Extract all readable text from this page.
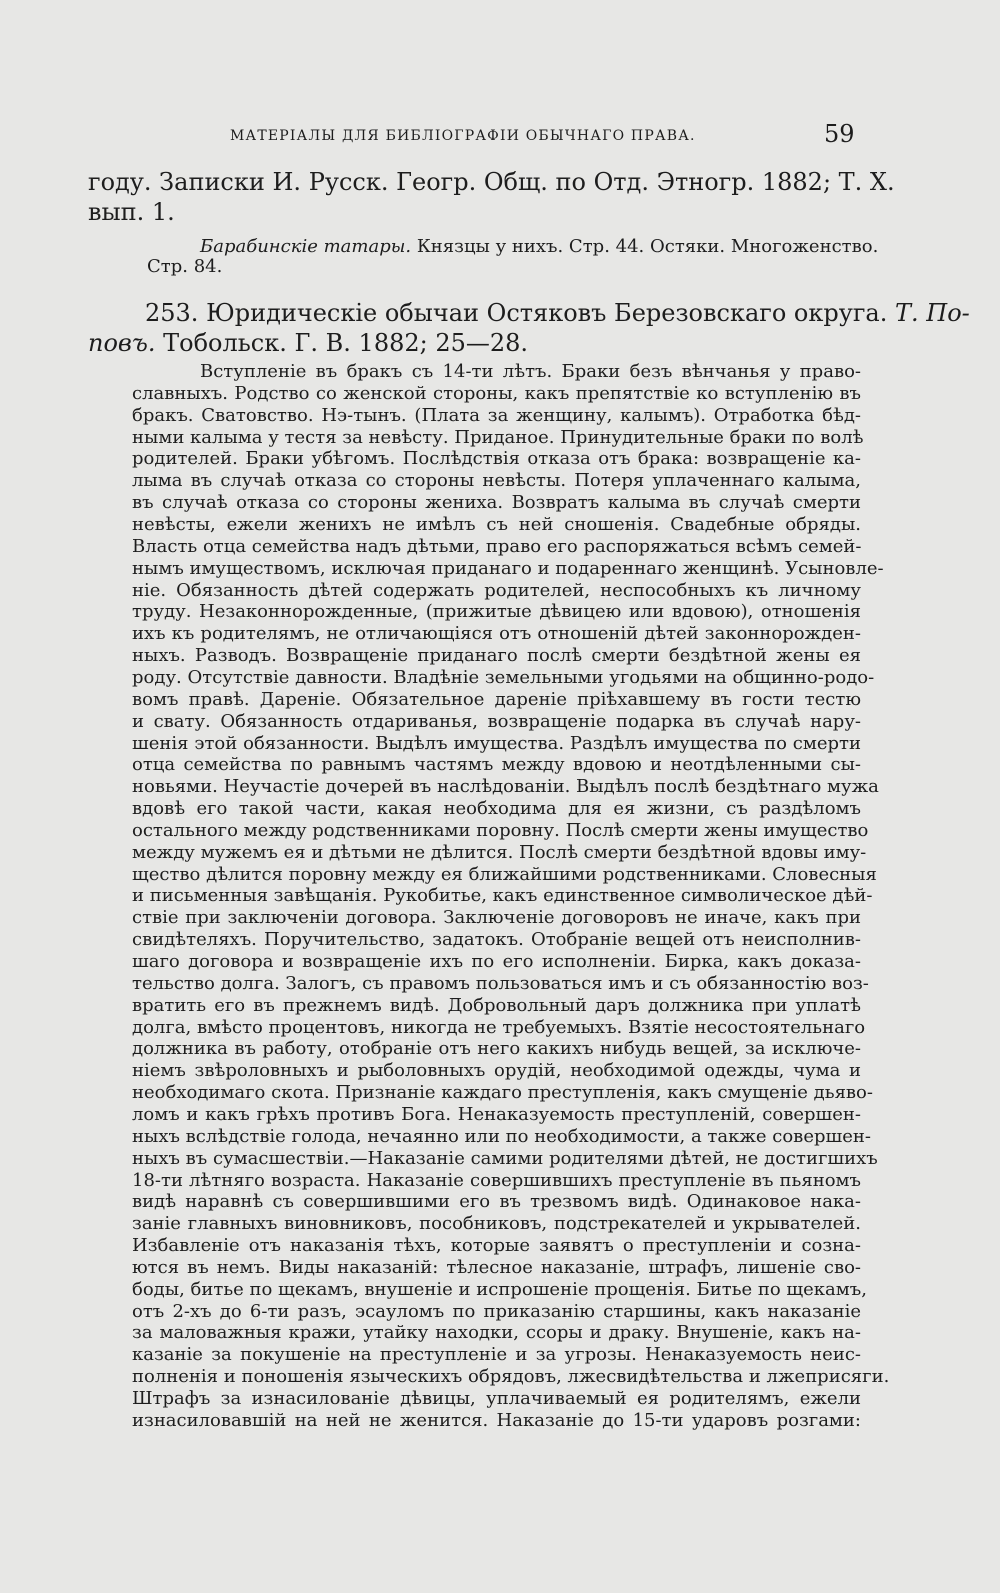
МАТЕРІАЛЫ ДЛЯ БИБЛІОГРАФІИ ОБЫЧНАГО ПРАВА.	59
году. Записки И. Русск. Геогр. Общ. по Отд. Этногр. 1882; Т. X.
вып. 1.
Барабинскіе татары. Князцы у нихъ. Стр. 44. Остяки. Многоженство.
Стр. 84.
253. Юридическіе обычаи Остяковъ Березовскаго округа. Т. По-
повъ. Тобольск. Г. В. 1882; 25—28.
Вступленіе въ бракъ съ 14-ти лѣтъ. Браки безъ вѣнчанья у право-
славныхъ. Родство со женской стороны, какъ препятствіе ко вступленію въ
бракъ. Сватовство. Нэ-тынъ. (Плата за женщину, калымъ). Отработка бѣд-
ными калыма у тестя за невѣсту. Приданое. Принудительные браки по волѣ
родителей. Браки убѣгомъ. Послѣдствія отказа отъ брака: возвращеніе ка-
лыма въ случаѣ отказа со стороны невѣсты. Потеря уплаченнаго калыма,
въ случаѣ отказа со стороны жениха. Возвратъ калыма въ случаѣ смерти
невѣсты, ежели женихъ не имѣлъ съ ней сношенія. Свадебные обряды.
Власть отца семейства надъ дѣтьми, право его распоряжаться всѣмъ семей-
нымъ имуществомъ, исключая приданаго и подареннаго женщинѣ. Усыновле-
ніе. Обязанность дѣтей содержать родителей, неспособныхъ къ личному
труду. Незаконнорожденные, (прижитые дѣвицею или вдовою), отношенія
ихъ къ родителямъ, не отличающіяся отъ отношеній дѣтей законнорожден-
ныхъ. Разводъ. Возвращеніе приданаго послѣ смерти бездѣтной жены ея
роду. Отсутствіе давности. Владѣніе земельными угодьями на общинно-родо-
вомъ правѣ. Дареніе. Обязательное дареніе пріѣхавшему въ гости тестю
и свату. Обязанность отдариванья, возвращеніе подарка въ случаѣ нару-
шенія этой обязанности. Выдѣлъ имущества. Раздѣлъ имущества по смерти
отца семейства по равнымъ частямъ между вдовою и неотдѣленными сы-
новьями. Неучастіе дочерей въ наслѣдованіи. Выдѣлъ послѣ бездѣтнаго мужа
вдовѣ его такой части, какая необходима для ея жизни, съ раздѣломъ
остального между родственниками поровну. Послѣ смерти жены имущество
между мужемъ ея и дѣтьми не дѣлится. Послѣ смерти бездѣтной вдовы иму-
щество дѣлится поровну между ея ближайшими родственниками. Словесныя
и письменныя завѣщанія. Рукобитье, какъ единственное символическое дѣй-
ствіе при заключеніи договора. Заключеніе договоровъ не иначе, какъ при
свидѣтеляхъ. Поручительство, задатокъ. Отобраніе вещей отъ неисполнив-
шаго договора и возвращеніе ихъ по его исполненіи. Бирка, какъ доказа-
тельство долга. Залогъ, съ правомъ пользоваться имъ и съ обязанностію воз-
вратить его въ прежнемъ видѣ. Добровольный даръ должника при уплатѣ
долга, вмѣсто процентовъ, никогда не требуемыхъ. Взятіе несостоятельнаго
должника въ работу, отобраніе отъ него какихъ нибудь вещей, за исключе-
ніемъ звѣроловныхъ и рыболовныхъ орудій, необходимой одежды, чума и
необходимаго скота. Признаніе каждаго преступленія, какъ смущеніе дьяво-
ломъ и какъ грѣхъ противъ Бога. Ненаказуемость преступленій, совершен-
ныхъ вслѣдствіе голода, нечаянно или по необходимости, а также совершен-
ныхъ въ сумасшествіи.—Наказаніе самими родителями дѣтей, не достигшихъ
18-ти лѣтняго возраста. Наказаніе совершившихъ преступленіе въ пьяномъ
видѣ наравнѣ съ совершившими его въ трезвомъ видѣ. Одинаковое нака-
заніе главныхъ виновниковъ, пособниковъ, подстрекателей и укрывателей.
Избавленіе отъ наказанія тѣхъ, которые заявятъ о преступленіи и созна-
ются въ немъ. Виды наказаній: тѣлесное наказаніе, штрафъ, лишеніе сво-
боды, битье по щекамъ, внушеніе и испрошеніе прощенія. Битье по щекамъ,
отъ 2-хъ до 6-ти разъ, эсауломъ по приказанію старшины, какъ наказаніе
за маловажныя кражи, утайку находки, ссоры и драку. Внушеніе, какъ на-
казаніе за покушеніе на преступленіе и за угрозы. Ненаказуемость неис-
полненія и поношенія языческихъ обрядовъ, лжесвидѣтельства и лжеприсяги.
Штрафъ за изнасилованіе дѣвицы, уплачиваемый ея родителямъ, ежели
изнасиловавшій на ней не женится. Наказаніе до 15-ти ударовъ розгами:
